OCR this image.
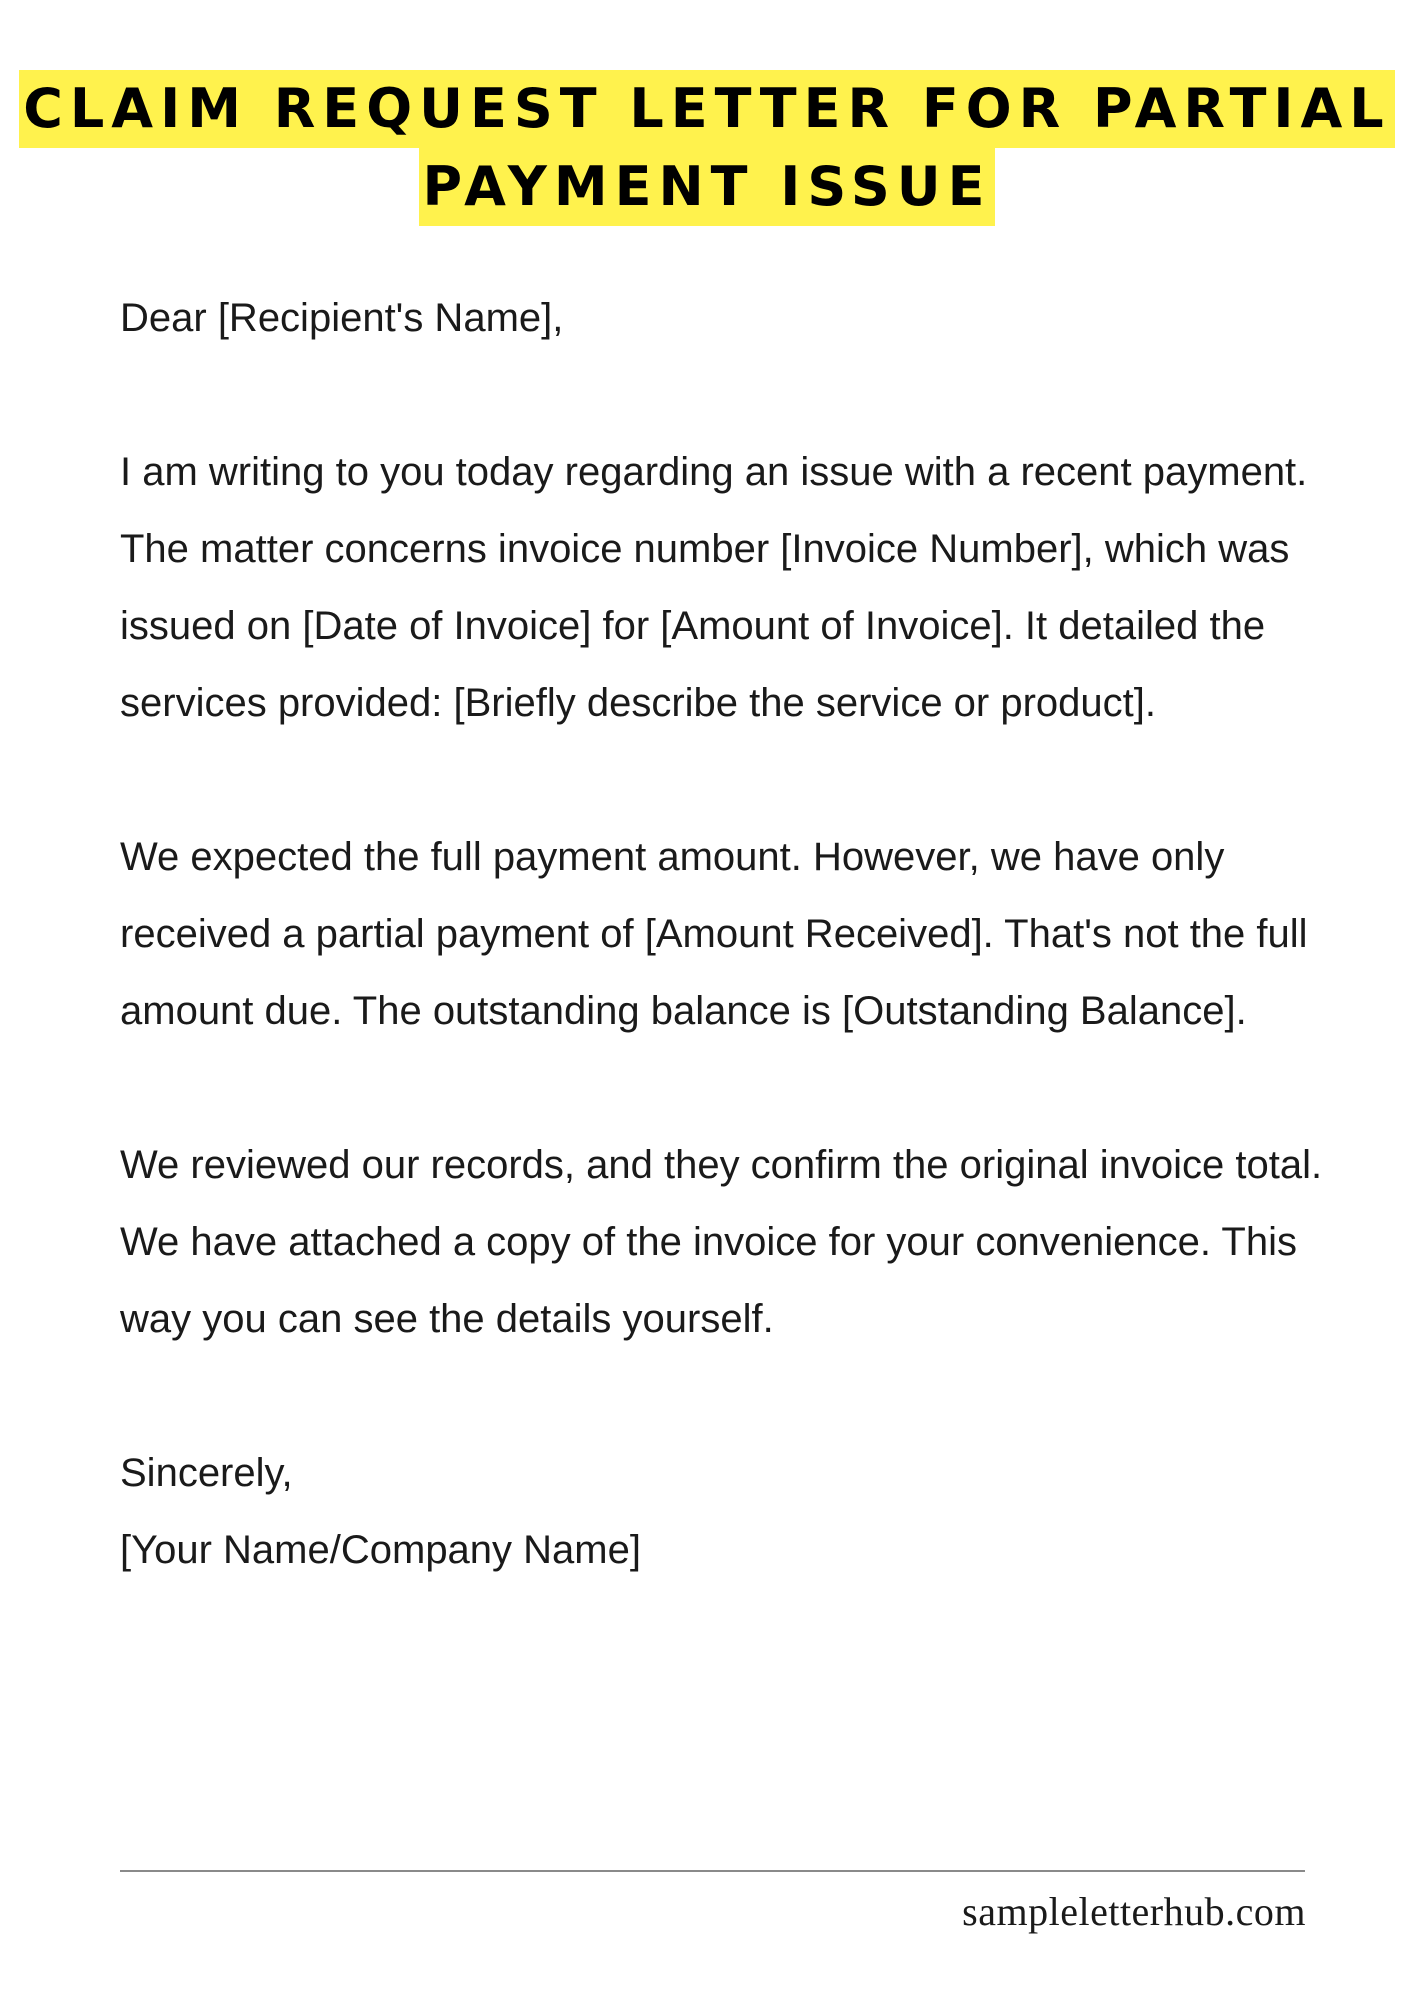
CLAIM REQUEST LETTER FOR PARTIAL
PAYMENT ISSUE

Dear [Recipient's Name],

I am writing to you today regarding an issue with a recent payment. The matter concerns invoice number [Invoice Number], which was issued on [Date of Invoice] for [Amount of Invoice]. It detailed the services provided: [Briefly describe the service or product].

We expected the full payment amount. However, we have only received a partial payment of [Amount Received]. That's not the full amount due. The outstanding balance is [Outstanding Balance].

We reviewed our records, and they confirm the original invoice total. We have attached a copy of the invoice for your convenience. This way you can see the details yourself.

Sincerely,

[Your Name/Company Name]

sampleletterhub.com
